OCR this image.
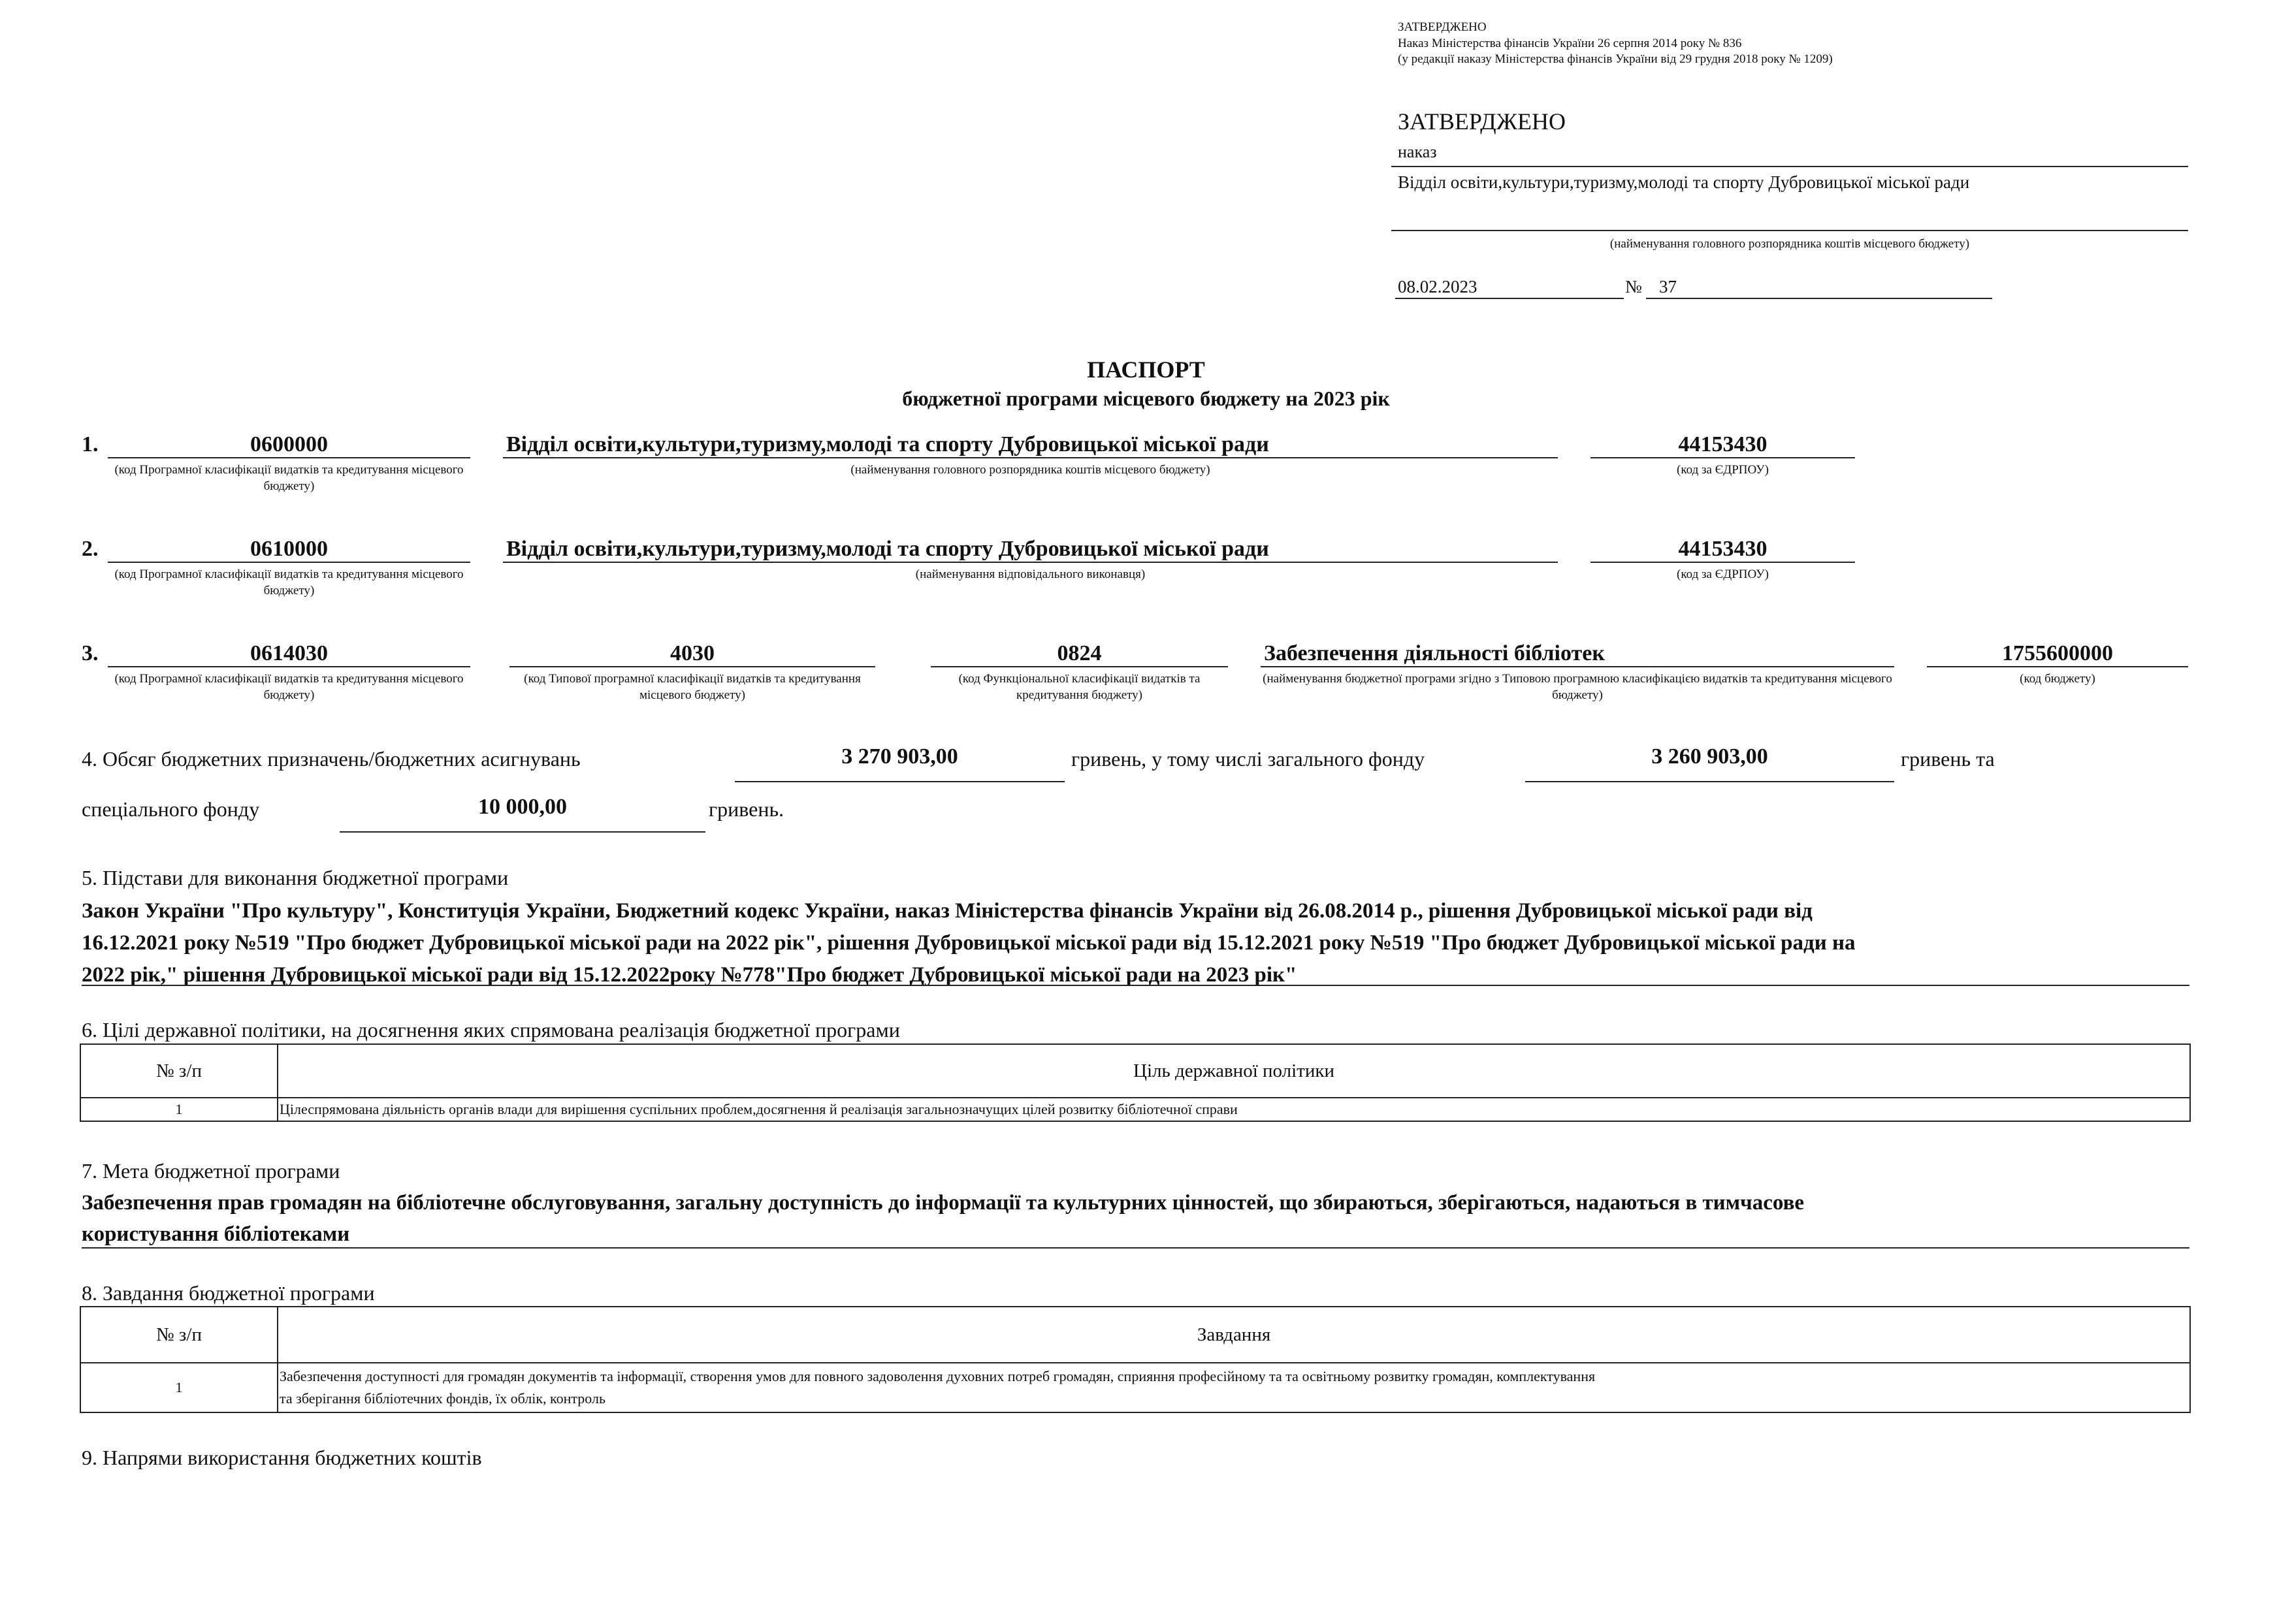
ЗАТВЕРДЖЕНО
Наказ Міністерства фінансів України 26 серпня 2014 року № 836
(у редакції наказу Міністерства фінансів України від 29 грудня 2018 року № 1209)
ЗАТВЕРДЖЕНО
наказ
Відділ освіти,культури,туризму,молоді та спорту Дубровицької міської ради
(найменування головного розпорядника коштів місцевого бюджету)
08.02.2023	№ 37
ПАСПОРТ
бюджетної програми місцевого бюджету на 2023 рік
1.	0600000
(код Програмної класифікації видатків та кредитування місцевого бюджету)
Відділ освіти,культури,туризму,молоді та спорту Дубровицької міської ради
(найменування головного розпорядника коштів місцевого бюджету)
44153430
(код за ЄДРПОУ)
2.	0610000
(код Програмної класифікації видатків та кредитування місцевого бюджету)
Відділ освіти,культури,туризму,молоді та спорту Дубровицької міської ради
(найменування відповідального виконавця)
44153430
(код за ЄДРПОУ)
3.	0614030
(код Програмної класифікації видатків та кредитування місцевого бюджету)
4030
(код Типової програмної класифікації видатків та кредитування місцевого бюджету)
0824
(код Функціональної класифікації видатків та кредитування бюджету)
Забезпечення діяльності бібліотек
(найменування бюджетної програми згідно з Типовою програмною класифікацією видатків та кредитування місцевого бюджету)
1755600000
(код бюджету)
4. Обсяг бюджетних призначень/бюджетних асигнувань	3 270 903,00	гривень, у тому числі загального фонду	3 260 903,00	гривень та
спеціального фонду	10 000,00	гривень.
5. Підстави для виконання бюджетної програми
Закон України "Про культуру", Конституція України, Бюджетний кодекс України, наказ Міністерства фінансів України від 26.08.2014 р., рішення Дубровицької міської ради від
16.12.2021 року №519 "Про бюджет Дубровицької міської ради на 2022 рік", рішення Дубровицької міської ради від 15.12.2021 року №519 "Про бюджет Дубровицької міської ради на
2022 рік," рішення Дубровицької міської ради від 15.12.2022року №778"Про бюджет Дубровицької міської ради на 2023 рік"
6. Цілі державної політики, на досягнення яких спрямована реалізація бюджетної програми
№ з/п	Ціль державної політики
1	Цілеспрямована діяльність органів влади для вирішення суспільних проблем,досягнення й реалізація загальнозначущих цілей розвитку бібліотечної справи
7. Мета бюджетної програми
Забезпечення прав громадян на бібліотечне обслуговування, загальну доступність до інформації та культурних цінностей, що збираються, зберігаються, надаються в тимчасове
користування бібліотеками
8. Завдання бюджетної програми
№ з/п	Завдання
1	Забезпечення доступності для громадян документів та інформації, створення умов для повного задоволення духовних потреб громадян, сприяння професійному та та освітньому розвитку громадян, комплектування
та зберігання бібліотечних фондів, їх облік, контроль
9. Напрями використання бюджетних коштів
